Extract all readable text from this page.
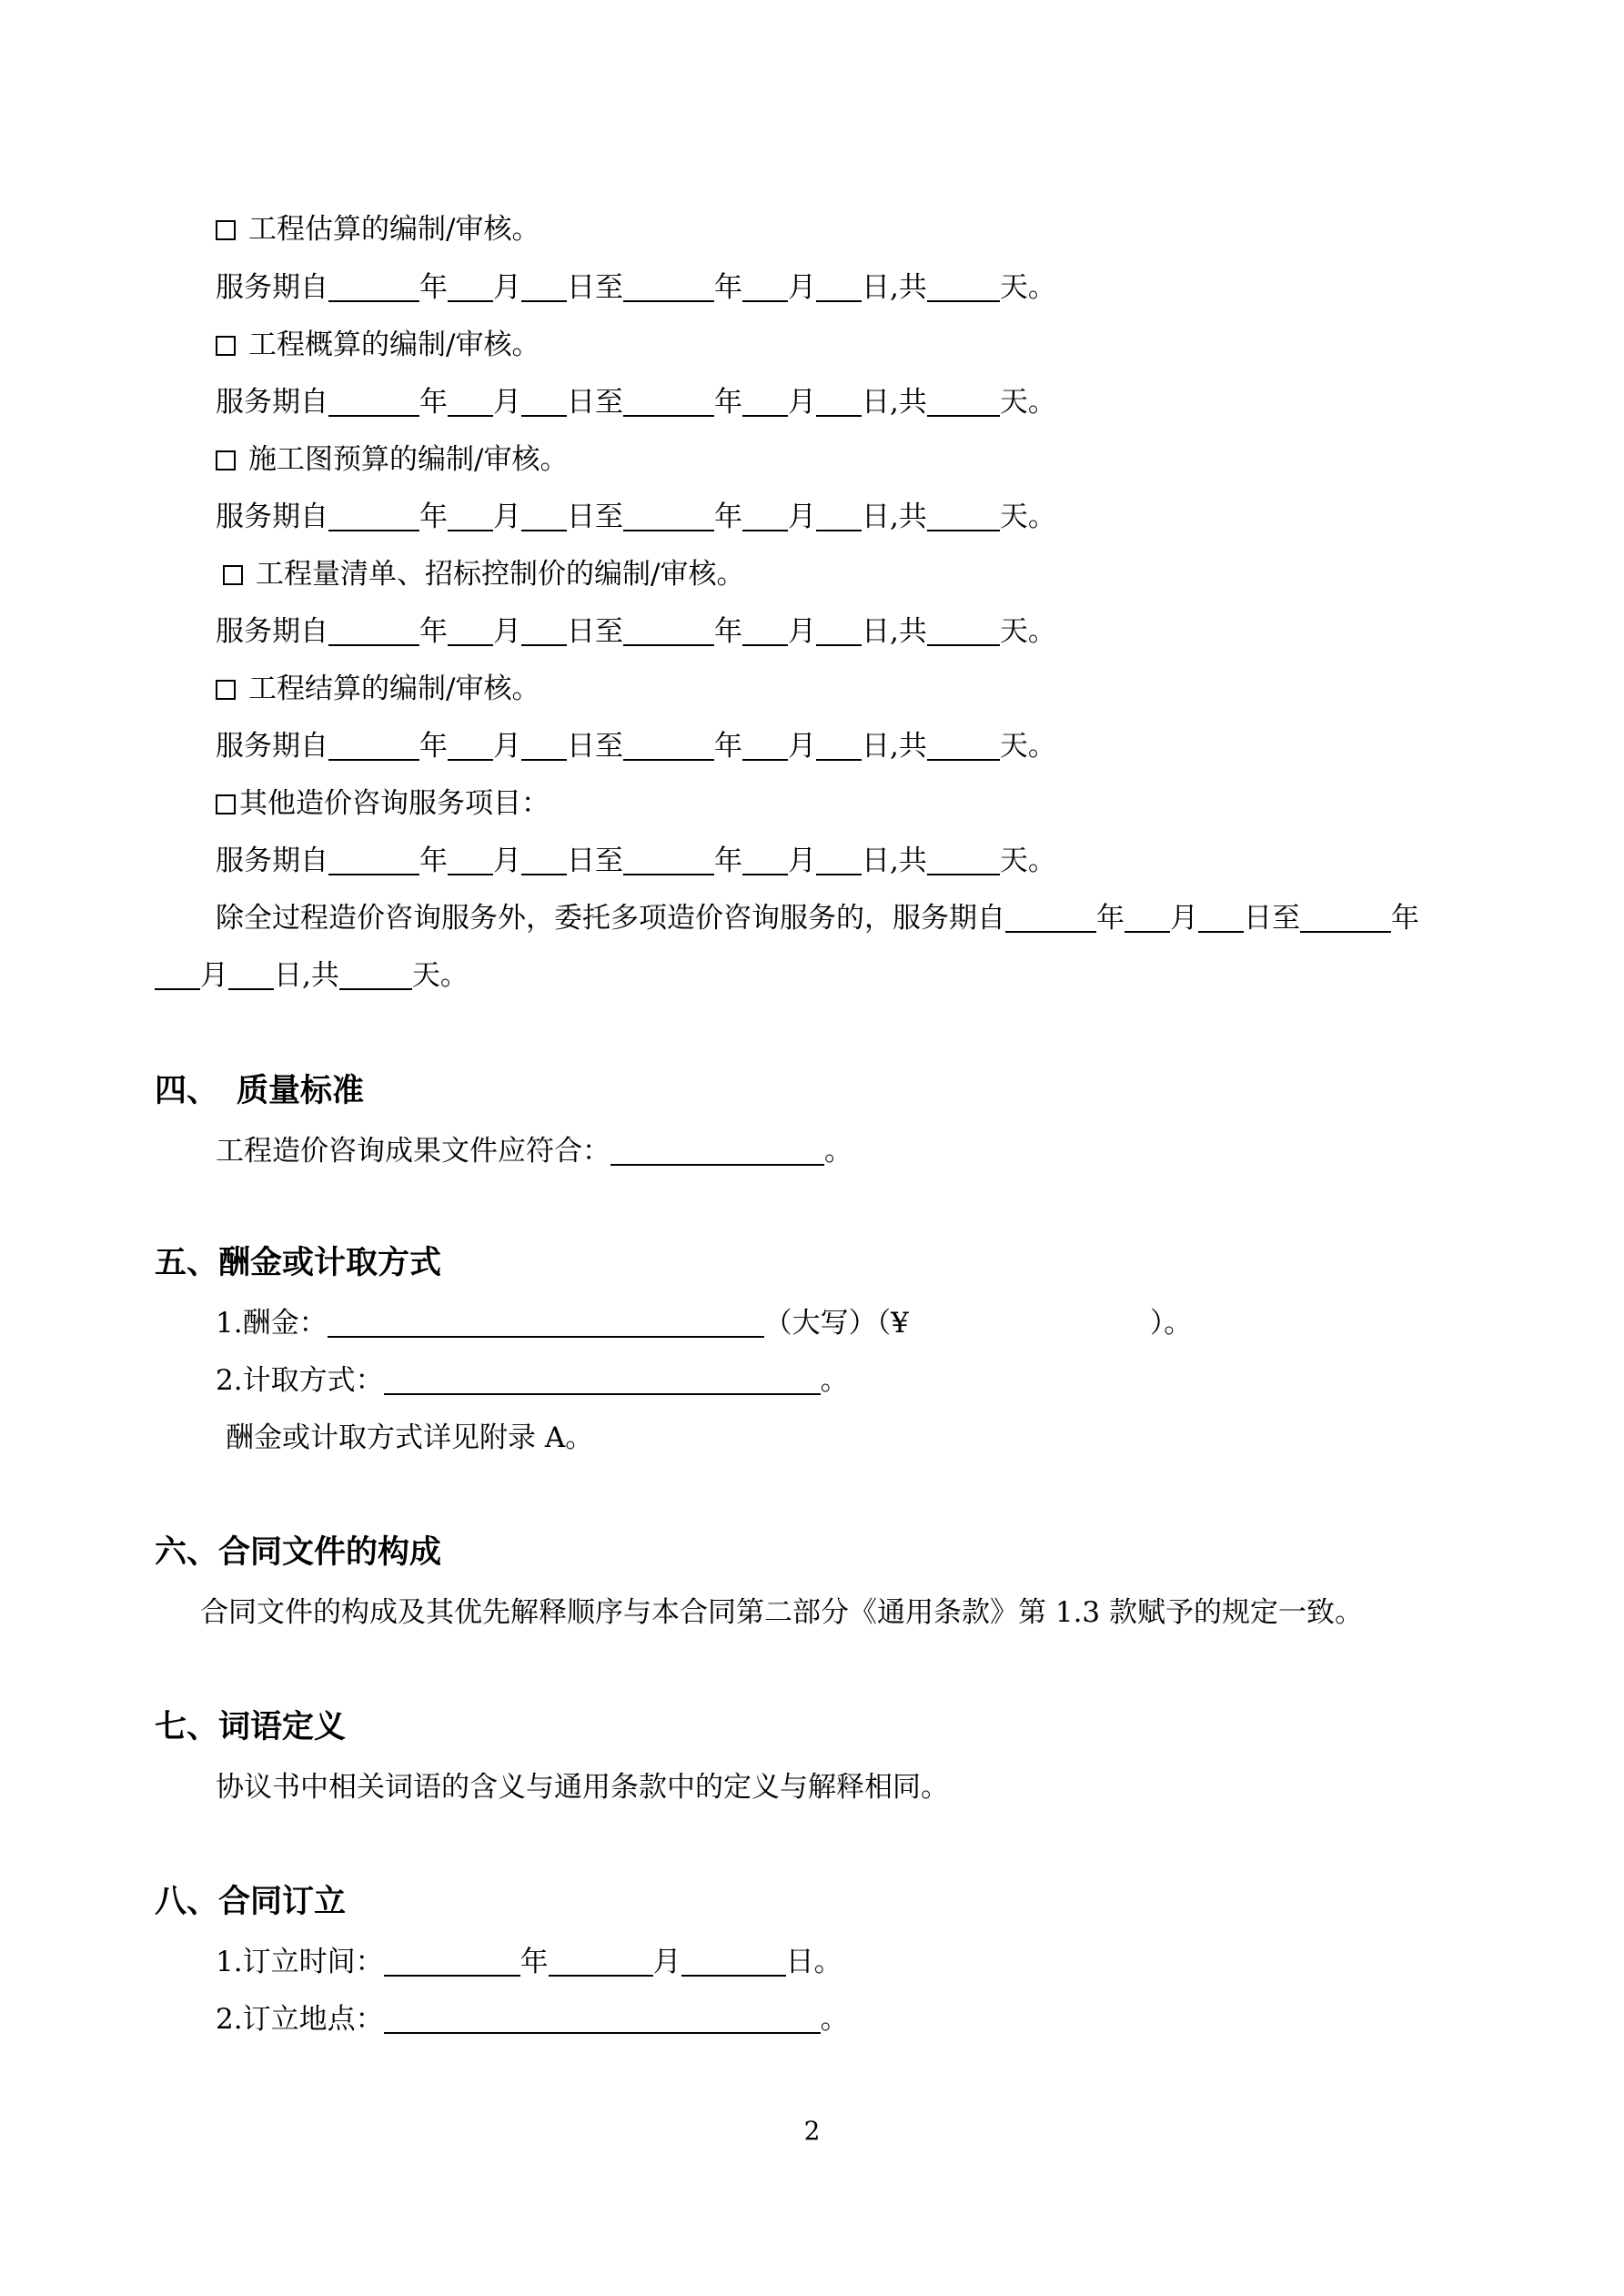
工程估算的编制/审核。
服务期自	年 月 日至	年 月 日,共	天。
工程概算的编制/审核。
服务期自	年 月 日至	年 月 日,共	天。
施工图预算的编制/审核。
服务期自	年 月 日至	年 月 日,共	天。
工程量清单、招标控制价的编制/审核。
服务期自	年 月 日至	年 月 日,共	天。
工程结算的编制/审核。
服务期自	年 月 日至	年 月 日,共	天。
其他造价咨询服务项目：
服务期自	年 月 日至	年 月 日,共	天。
除全过程造价咨询服务外，委托多项造价咨询服务的，服务期自	年 月 日至	年
月 日,共	天。
四、 质量标准
工程造价咨询成果文件应符合：	。
五、酬金或计取方式
1.酬金：	（大写）（¥	）。
2.计取方式：	。
酬金或计取方式详见附录 A。
六、合同文件的构成
合同文件的构成及其优先解释顺序与本合同第二部分《通用条款》第 1.3 款赋予的规定一致。
七、词语定义
协议书中相关词语的含义与通用条款中的定义与解释相同。
八、合同订立
1.订立时间：	年	月	日。
2.订立地点：	。
2
